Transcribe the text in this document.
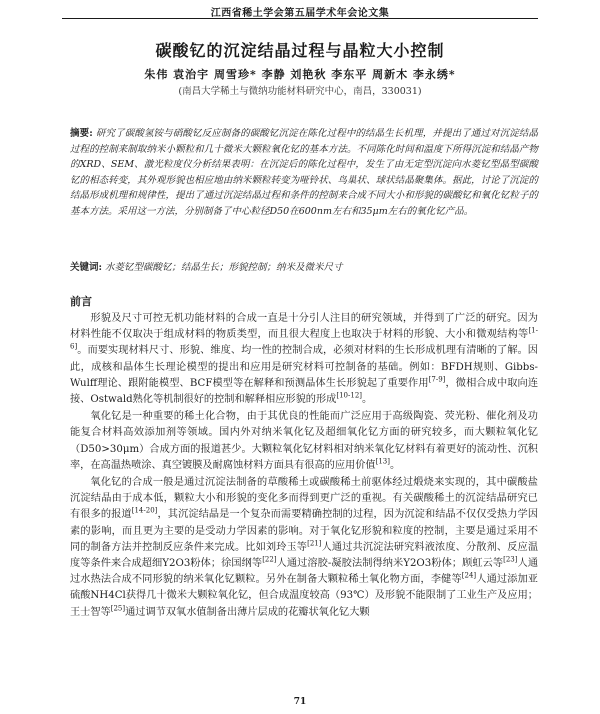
江西省稀土学会第五届学术年会论文集
碳酸钇的沉淀结晶过程与晶粒大小控制
朱伟 袁治宇 周雪珍* 李静 刘艳秋 李东平 周新木 李永绣*
(南昌大学稀土与微纳功能材料研究中心，南昌，330031)
摘要: 研究了碳酸氢铵与硝酸钇反应制备的碳酸钇沉淀在陈化过程中的结晶生长机理，并提出了通过对沉淀结晶过程的控制来制取纳米小颗粒和几十微米大颗粒氧化钇的基本方法。不同陈化时间和温度下所得沉淀和结晶产物的XRD、SEM、激光粒度仪分析结果表明：在沉淀后的陈化过程中，发生了由无定型沉淀向水菱钇型晶型碳酸钇的相态转变，其外观形貌也相应地由纳米颗粒转变为哑铃状、鸟巢状、球状结晶聚集体。据此，讨论了沉淀的结晶形成机理和规律性，提出了通过沉淀结晶过程和条件的控制来合成不同大小和形貌的碳酸钇和氧化钇粒子的基本方法。采用这一方法，分别制备了中心粒径D50在600nm左右和35μm左右的氧化钇产品。
关键词: 水菱钇型碳酸钇；结晶生长；形貌控制；纳米及微米尺寸
前言

形貌及尺寸可控无机功能材料的合成一直是十分引人注目的研究领域，并得到了广泛的研究。因为材料性能不仅取决于组成材料的物质类型，而且很大程度上也取决于材料的形貌、大小和微观结构等[1-6]。而要实现材料尺寸、形貌、维度、均一性的控制合成，必须对材料的生长形成机理有清晰的了解。因此，成核和晶体生长理论模型的提出和应用是研究材料可控制备的基础。例如：BFDH规则、Gibbs-Wulff理论、跟附能模型、BCF模型等在解释和预测晶体生长形貌起了重要作用[7-9]，微相合成中取向连接、Ostwald熟化等机制很好的控制和解释相应形貌的形成[10-12]。

氧化钇是一种重要的稀土化合物，由于其优良的性能而广泛应用于高级陶瓷、荧光粉、催化剂及功能复合材料高效添加剂等领域。国内外对纳米氧化钇及超细氧化钇方面的研究较多，而大颗粒氧化钇（D50>30μm）合成方面的报道甚少。大颗粒氧化钇材料相对纳米氧化钇材料有着更好的流动性、沉积率，在高温热喷涂、真空镀膜及耐腐蚀材料方面具有很高的应用价值[13]。

氧化钇的合成一般是通过沉淀法制备的草酸稀土或碳酸稀土前驱体经过煅烧来实现的，其中碳酸盐沉淀结晶由于成本低，颗粒大小和形貌的变化多而得到更广泛的重视。有关碳酸稀土的沉淀结晶研究已有很多的报道[14-20]，其沉淀结晶是一个复杂而需要精确控制的过程，因为沉淀和结晶不仅仅受热力学因素的影响，而且更为主要的是受动力学因素的影响。对于氧化钇形貌和粒度的控制，主要是通过采用不同的制备方法并控制反应条件来完成。比如刘玲玉等[21]人通过共沉淀法研究料液浓度、分散剂、反应温度等条件来合成超细Y2O3粉体；徐国纲等[22]人通过溶胶-凝胶法制得纳米Y2O3粉体；顾虹云等[23]人通过水热法合成不同形貌的纳米氧化钇颗粒。另外在制备大颗粒稀土氧化物方面，李健等[24]人通过添加亚硫酸NH4Cl获得几十微米大颗粒氧化钇，但合成温度较高（93℃）及形貌不能限制了工业生产及应用；王士智等[25]通过调节双氧水值制备出薄片层成的花瓣状氧化钇大颗

71
